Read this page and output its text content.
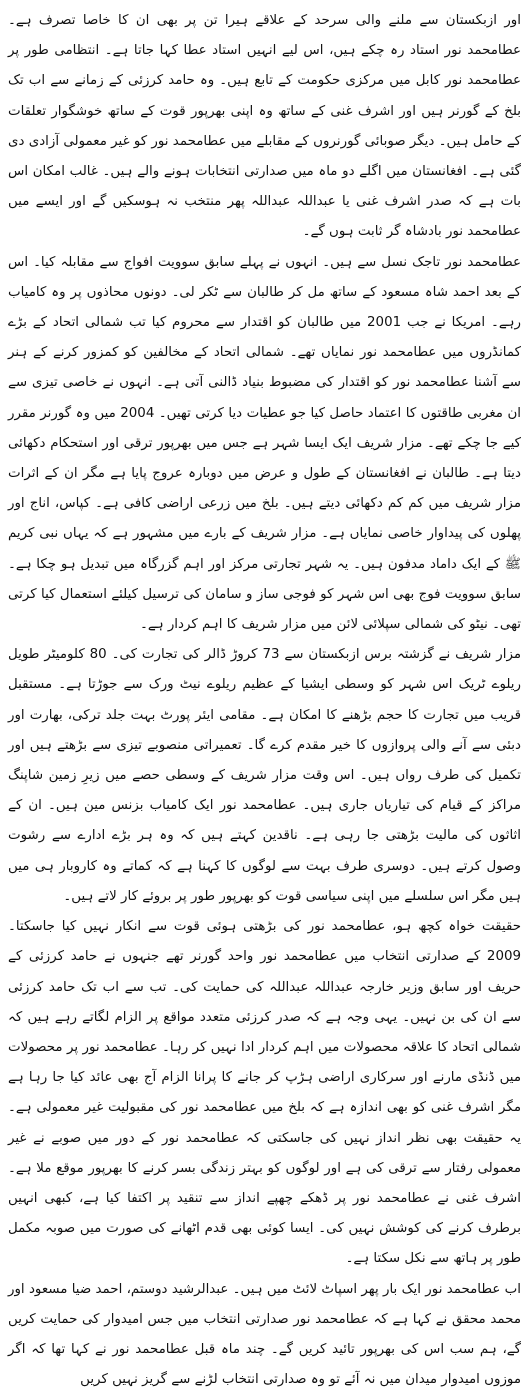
اور ازبکستان سے ملنے والی سرحد کے علاقے ہیرا تن پر بھی ان کا خاصا تصرف ہے۔ عطامحمد نور استاد رہ چکے ہیں، اس لیے انہیں استاد عطا کہا جاتا ہے۔ انتظامی طور پر عطامحمد نور کابل میں مرکزی حکومت کے تابع ہیں۔ وہ حامد کرزئی کے زمانے سے اب تک بلخ کے گورنر ہیں اور اشرف غنی کے ساتھ وہ اپنی بھرپور قوت کے ساتھ خوشگوار تعلقات کے حامل ہیں۔ دیگر صوبائی گورنروں کے مقابلے میں عطامحمد نور کو غیر معمولی آزادی دی گئی ہے۔ افغانستان میں اگلے دو ماہ میں صدارتی انتخابات ہونے والے ہیں۔ غالب امکان اس بات ہے کہ صدر اشرف غنی یا عبداللہ عبداللہ پھر منتخب نہ ہوسکیں گے اور ایسے میں عطامحمد نور بادشاہ گر ثابت ہوں گے۔

عطامحمد نور تاجک نسل سے ہیں۔ انہوں نے پہلے سابق سوویت افواج سے مقابلہ کیا۔ اس کے بعد احمد شاہ مسعود کے ساتھ مل کر طالبان سے ٹکر لی۔ دونوں محاذوں پر وہ کامیاب رہے۔ امریکا نے جب 2001 میں طالبان کو اقتدار سے محروم کیا تب شمالی اتحاد کے بڑے کمانڈروں میں عطامحمد نور نمایاں تھے۔ شمالی اتحاد کے مخالفین کو کمزور کرنے کے ہنر سے آشنا عطامحمد نور کو اقتدار کی مضبوط بنیاد ڈالنی آتی ہے۔ انہوں نے خاصی تیزی سے ان مغربی طاقتوں کا اعتماد حاصل کیا جو عطیات دیا کرتی تھیں۔ 2004 میں وہ گورنر مقرر کیے جا چکے تھے۔ مزار شریف ایک ایسا شہر ہے جس میں بھرپور ترقی اور استحکام دکھائی دیتا ہے۔ طالبان نے افغانستان کے طول و عرض میں دوبارہ عروج پایا ہے مگر ان کے اثرات مزار شریف میں کم کم دکھائی دیتے ہیں۔ بلخ میں زرعی اراضی کافی ہے۔ کپاس، اناج اور پھلوں کی پیداوار خاصی نمایاں ہے۔ مزار شریف کے بارے میں مشہور ہے کہ یہاں نبی کریم ﷺ کے ایک داماد مدفون ہیں۔ یہ شہر تجارتی مرکز اور اہم گزرگاہ میں تبدیل ہو چکا ہے۔ سابق سوویت فوج بھی اس شہر کو فوجی ساز و سامان کی ترسیل کیلئے استعمال کیا کرتی تھی۔ نیٹو کی شمالی سپلائی لائن میں مزار شریف کا اہم کردار ہے۔

مزار شریف نے گزشتہ برس ازبکستان سے 73 کروڑ ڈالر کی تجارت کی۔ 80 کلومیٹر طویل ریلوے ٹریک اس شہر کو وسطی ایشیا کے عظیم ریلوے نیٹ ورک سے جوڑتا ہے۔ مستقبل قریب میں تجارت کا حجم بڑھنے کا امکان ہے۔ مقامی ایئر پورٹ بہت جلد ترکی، بھارت اور دبئی سے آنے والی پروازوں کا خیر مقدم کرے گا۔ تعمیراتی منصوبے تیزی سے بڑھتے ہیں اور تکمیل کی طرف رواں ہیں۔ اس وقت مزار شریف کے وسطی حصے میں زیرِ زمین شاپنگ مراکز کے قیام کی تیاریاں جاری ہیں۔ عطامحمد نور ایک کامیاب بزنس مین ہیں۔ ان کے اثاثوں کی مالیت بڑھتی جا رہی ہے۔ ناقدین کہتے ہیں کہ وہ ہر بڑے ادارے سے رشوت وصول کرتے ہیں۔ دوسری طرف بہت سے لوگوں کا کہنا ہے کہ کماتے وہ کاروبار ہی میں ہیں مگر اس سلسلے میں اپنی سیاسی قوت کو بھرپور طور پر بروئے کار لاتے ہیں۔

حقیقت خواہ کچھ ہو، عطامحمد نور کی بڑھتی ہوئی قوت سے انکار نہیں کیا جاسکتا۔ 2009 کے صدارتی انتخاب میں عطامحمد نور واحد گورنر تھے جنہوں نے حامد کرزئی کے حریف اور سابق وزیر خارجہ عبداللہ عبداللہ کی حمایت کی۔ تب سے اب تک حامد کرزئی سے ان کی بن نہیں۔ یہی وجہ ہے کہ صدر کرزئی متعدد مواقع پر الزام لگاتے رہے ہیں کہ شمالی اتحاد کا علاقہ محصولات میں اہم کردار ادا نہیں کر رہا۔ عطامحمد نور پر محصولات میں ڈنڈی مارنے اور سرکاری اراضی ہڑپ کر جانے کا پرانا الزام آج بھی عائد کیا جا رہا ہے مگر اشرف غنی کو بھی اندازہ ہے کہ بلخ میں عطامحمد نور کی مقبولیت غیر معمولی ہے۔ یہ حقیقت بھی نظر انداز نہیں کی جاسکتی کہ عطامحمد نور کے دور میں صوبے نے غیر معمولی رفتار سے ترقی کی ہے اور لوگوں کو بہتر زندگی بسر کرنے کا بھرپور موقع ملا ہے۔ اشرف غنی نے عطامحمد نور پر ڈھکے چھپے انداز سے تنقید پر اکتفا کیا ہے، کبھی انہیں برطرف کرنے کی کوشش نہیں کی۔ ایسا کوئی بھی قدم اٹھانے کی صورت میں صوبہ مکمل طور پر ہاتھ سے نکل سکتا ہے۔

اب عطامحمد نور ایک بار پھر اسپاٹ لائٹ میں ہیں۔ عبدالرشید دوستم، احمد ضیا مسعود اور محمد محقق نے کہا ہے کہ عطامحمد نور صدارتی انتخاب میں جس امیدوار کی حمایت کریں گے، ہم سب اس کی بھرپور تائید کریں گے۔ چند ماہ قبل عطامحمد نور نے کہا تھا کہ اگر موزوں امیدوار میدان میں نہ آئے تو وہ صدارتی انتخاب لڑنے سے گریز نہیں کریں
